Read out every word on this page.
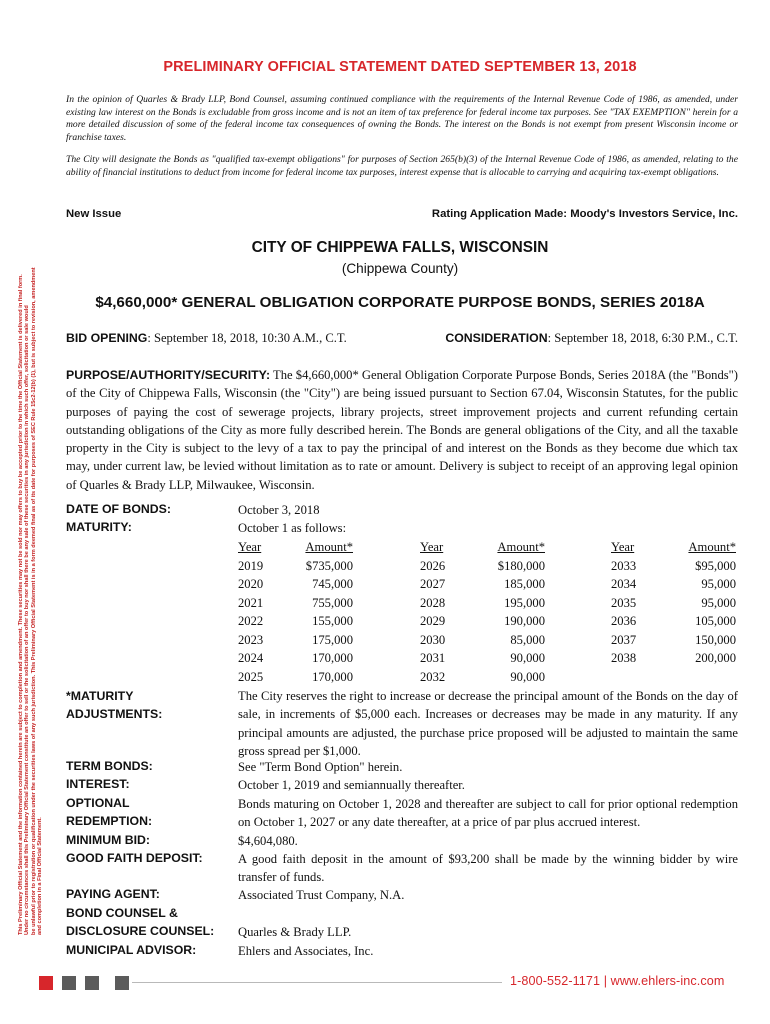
This Preliminary Official Statement and the information contained herein are subject to completion and amendment. These securities may not be sold nor may offers to buy be accepted prior to the time the Official Statement is delivered in final form. Under no circumstances shall this Preliminary Official Statement constitute an offer to sell or the solicitation of an offer to buy nor shall there be any sale of these securities in any jurisdiction in which such offer, solicitation or sale would be unlawful prior to registration or qualification under the securities laws of any such jurisdiction. This Preliminary Official Statement is in a form deemed final as of its date for purposes of SEC Rule 15c2-12(b) (1), but is subject to revision, amendment and completion in a Final Official Statement.
PRELIMINARY OFFICIAL STATEMENT DATED SEPTEMBER 13, 2018
In the opinion of Quarles & Brady LLP, Bond Counsel, assuming continued compliance with the requirements of the Internal Revenue Code of 1986, as amended, under existing law interest on the Bonds is excludable from gross income and is not an item of tax preference for federal income tax purposes. See "TAX EXEMPTION" herein for a more detailed discussion of some of the federal income tax consequences of owning the Bonds. The interest on the Bonds is not exempt from present Wisconsin income or franchise taxes.
The City will designate the Bonds as "qualified tax-exempt obligations" for purposes of Section 265(b)(3) of the Internal Revenue Code of 1986, as amended, relating to the ability of financial institutions to deduct from income for federal income tax purposes, interest expense that is allocable to carrying and acquiring tax-exempt obligations.
New Issue	Rating Application Made: Moody's Investors Service, Inc.
CITY OF CHIPPEWA FALLS, WISCONSIN
(Chippewa County)
$4,660,000* GENERAL OBLIGATION CORPORATE PURPOSE BONDS, SERIES 2018A
BID OPENING: September 18, 2018, 10:30 A.M., C.T.	CONSIDERATION: September 18, 2018, 6:30 P.M., C.T.
PURPOSE/AUTHORITY/SECURITY: The $4,660,000* General Obligation Corporate Purpose Bonds, Series 2018A (the "Bonds") of the City of Chippewa Falls, Wisconsin (the "City") are being issued pursuant to Section 67.04, Wisconsin Statutes, for the public purposes of paying the cost of sewerage projects, library projects, street improvement projects and current refunding certain outstanding obligations of the City as more fully described herein. The Bonds are general obligations of the City, and all the taxable property in the City is subject to the levy of a tax to pay the principal of and interest on the Bonds as they become due which tax may, under current law, be levied without limitation as to rate or amount. Delivery is subject to receipt of an approving legal opinion of Quarles & Brady LLP, Milwaukee, Wisconsin.
DATE OF BONDS:	October 3, 2018
MATURITY:	October 1 as follows:
Year	Amount*
2019	$735,000
2020	745,000
2021	755,000
2022	155,000
2023	175,000
2024	170,000
2025	170,000
Year	Amount*
2026	$180,000
2027	185,000
2028	195,000
2029	190,000
2030	85,000
2031	90,000
2032	90,000
Year	Amount*
2033	$95,000
2034	95,000
2035	95,000
2036	105,000
2037	150,000
2038	200,000
*MATURITY
ADJUSTMENTS:
The City reserves the right to increase or decrease the principal amount of the Bonds on the day of sale, in increments of $5,000 each. Increases or decreases may be made in any maturity. If any principal amounts are adjusted, the purchase price proposed will be adjusted to maintain the same gross spread per $1,000.
TERM BONDS:	See "Term Bond Option" herein.
INTEREST:	October 1, 2019 and semiannually thereafter.
OPTIONAL
REDEMPTION:
Bonds maturing on October 1, 2028 and thereafter are subject to call for prior optional redemption on October 1, 2027 or any date thereafter, at a price of par plus accrued interest.
MINIMUM BID:	$4,604,080.
GOOD FAITH DEPOSIT:	A good faith deposit in the amount of $93,200 shall be made by the winning bidder by wire transfer of funds.
PAYING AGENT:	Associated Trust Company, N.A.
BOND COUNSEL &
DISCLOSURE COUNSEL: Quarles & Brady LLP.
MUNICIPAL ADVISOR:	Ehlers and Associates, Inc.
1-800-552-1171 | www.ehlers-inc.com
